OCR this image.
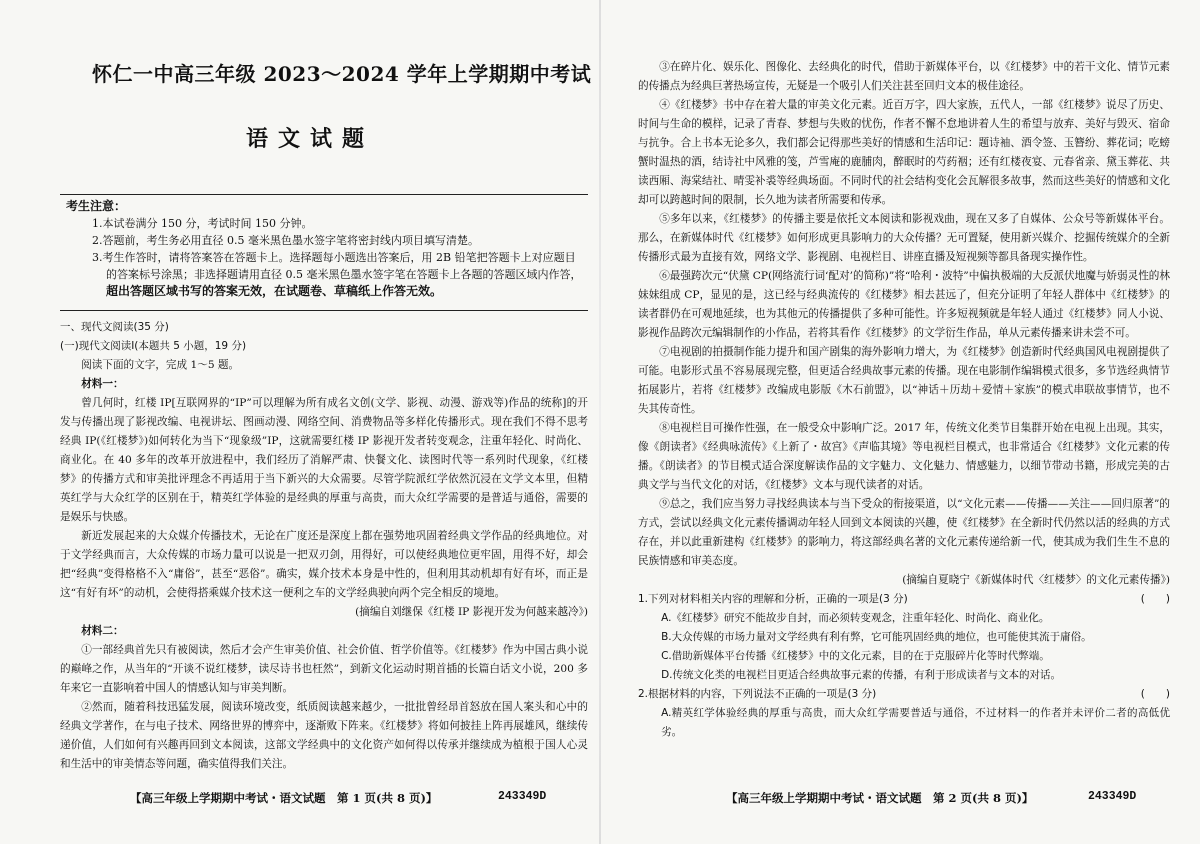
怀仁一中高三年级 2023～2024 学年上学期期中考试
语文试题
考生注意：
1.本试卷满分 150 分，考试时间 150 分钟。
2.答题前，考生务必用直径 0.5 毫米黑色墨水签字笔将密封线内项目填写清楚。
3.考生作答时，请将答案答在答题卡上。选择题每小题选出答案后，用 2B 铅笔把答题卡上对应题目的答案标号涂黑；非选择题请用直径 0.5 毫米黑色墨水签字笔在答题卡上各题的答题区域内作答，超出答题区域书写的答案无效，在试题卷、草稿纸上作答无效。

一、现代文阅读(35 分)

(一)现代文阅读Ⅰ(本题共 5 小题，19 分)

阅读下面的文字，完成 1～5 题。

材料一：

曾几何时，红楼 IP[互联网界的“IP”可以理解为所有成名文创(文学、影视、动漫、游戏等)作品的统称]的开发与传播出现了影视改编、电视讲坛、图画动漫、网络空间、消费物品等多样化传播形式。现在我们不得不思考经典 IP(《红楼梦》)如何转化为当下“现象级”IP，这就需要红楼 IP 影视开发者转变观念，注重年轻化、时尚化、商业化。在 40 多年的改革开放进程中，我们经历了消解严肃、快餐文化、读图时代等一系列时代现象，《红楼梦》的传播方式和审美批评理念不再适用于当下新兴的大众需要。尽管学院派红学依然沉浸在文学文本里，但精英红学与大众红学的区别在于，精英红学体验的是经典的厚重与高贵，而大众红学需要的是普适与通俗，需要的是娱乐与快感。

新近发展起来的大众媒介传播技术，无论在广度还是深度上都在强势地巩固着经典文学作品的经典地位。对于文学经典而言，大众传媒的市场力量可以说是一把双刃剑，用得好，可以使经典地位更牢固，用得不好，却会把“经典”变得格格不入“庸俗”，甚至“恶俗”。确实，媒介技术本身是中性的，但利用其动机却有好有坏，而正是这“有好有坏”的动机，会使得搭乘媒介技术这一便利之车的文学经典驶向两个完全相反的境地。

(摘编自刘继保《红楼 IP 影视开发为何越来越冷》)

材料二：

①一部经典首先只有被阅读，然后才会产生审美价值、社会价值、哲学价值等。《红楼梦》作为中国古典小说的巅峰之作，从当年的“开谈不说红楼梦，读尽诗书也枉然”，到新文化运动时期首插的长篇白话文小说，200 多年来它一直影响着中国人的情感认知与审美判断。

②然而，随着科技迅猛发展，阅读环境改变，纸质阅读越来越少，一批批曾经昂首怒放在国人案头和心中的经典文学著作，在与电子技术、网络世界的博弈中，逐渐败下阵来。《红楼梦》将如何披挂上阵再展雄风，继续传递价值，人们如何有兴趣再回到文本阅读，这部文学经典中的文化资产如何得以传承并继续成为植根于国人心灵和生活中的审美情态等问题，确实值得我们关注。

【高三年级上学期期中考试・语文试题　第 1 页(共 8 页)】	243349D

③在碎片化、娱乐化、图像化、去经典化的时代，借助于新媒体平台，以《红楼梦》中的若干文化、情节元素的传播点为经典巨著热场宣传，无疑是一个吸引人们关注甚至回归文本的极佳途径。

④《红楼梦》书中存在着大量的审美文化元素。近百万字，四大家族，五代人，一部《红楼梦》说尽了历史、时间与生命的模样，记录了青春、梦想与失败的忧伤，作者不懈不怠地讲着人生的希望与放弃、美好与毁灭、宿命与抗争。合上书本无论多久，我们都会记得那些美好的情感和生活印记：题诗袖、酒令签、玉簪纷、葬花词；吃螃蟹时温热的酒，结诗社中风雅的笺，芦雪庵的鹿脯肉，醉眠时的芍药裀；还有红楼夜宴、元春省亲、黛玉葬花、共读西厢、海棠结社、晴雯补裘等经典场面。不同时代的社会结构变化会瓦解很多故事，然而这些美好的情感和文化却可以跨越时间的限制，长久地为读者所需要和传承。

⑤多年以来，《红楼梦》的传播主要是依托文本阅读和影视戏曲，现在又多了自媒体、公众号等新媒体平台。那么，在新媒体时代《红楼梦》如何形成更具影响力的大众传播？无可置疑，使用新兴媒介、挖掘传统媒介的全新传播形式最为直接有效，网络文学、影视剧、电视栏目、讲座直播及短视频等都具备现实操作性。

⑥最强跨次元“伏黛 CP(网络流行词‘配对’的简称)”将“哈利・波特”中偏执极端的大反派伏地魔与娇弱灵性的林妹妹组成 CP，显见的是，这已经与经典流传的《红楼梦》相去甚远了，但充分证明了年轻人群体中《红楼梦》的读者群仍在可观地延续，也为其他元的传播提供了多种可能性。许多短视频就是年轻人通过《红楼梦》同人小说、影视作品跨次元编辑制作的小作品，若将其看作《红楼梦》的文学衍生作品，单从元素传播来讲未尝不可。

⑦电视剧的拍摄制作能力提升和国产剧集的海外影响力增大，为《红楼梦》创造新时代经典国风电视剧提供了可能。电影形式虽不容易展现完整，但更适合经典故事元素的传播。现在电影制作编辑模式很多，多节选经典情节拓展影片，若将《红楼梦》改编成电影版《木石前盟》，以“神话＋历劫＋爱情＋家族”的模式串联故事情节，也不失其传奇性。

⑧电视栏目可操作性强，在一般受众中影响广泛。2017 年，传统文化类节目集群开始在电视上出现。其实，像《朗读者》《经典咏流传》《上新了・故宫》《声临其境》等电视栏目模式，也非常适合《红楼梦》文化元素的传播。《朗读者》的节目模式适合深度解读作品的文字魅力、文化魅力、情感魅力，以细节带动书籍，形成完美的古典文学与当代文化的对话，《红楼梦》文本与现代读者的对话。

⑨总之，我们应当努力寻找经典读本与当下受众的衔接渠道，以“文化元素——传播——关注——回归原著”的方式，尝试以经典文化元素传播调动年轻人回到文本阅读的兴趣，使《红楼梦》在全新时代仍然以活的经典的方式存在，并以此重新建构《红楼梦》的影响力，将这部经典名著的文化元素传递给新一代，使其成为我们生生不息的民族情感和审美态度。

(摘编自夏晓宁《新媒体时代〈红楼梦〉的文化元素传播》)

1.下列对材料相关内容的理解和分析，正确的一项是(3 分)	(　　)

A.《红楼梦》研究不能故步自封，而必须转变观念，注重年轻化、时尚化、商业化。

B.大众传媒的市场力量对文学经典有利有弊，它可能巩固经典的地位，也可能使其流于庸俗。

C.借助新媒体平台传播《红楼梦》中的文化元素，目的在于克服碎片化等时代弊端。

D.传统文化类的电视栏目更适合经典故事元素的传播，有利于形成读者与文本的对话。

2.根据材料的内容，下列说法不正确的一项是(3 分)	(　　)

A.精英红学体验经典的厚重与高贵，而大众红学需要普适与通俗，不过材料一的作者并未评价二者的高低优劣。

【高三年级上学期期中考试・语文试题　第 2 页(共 8 页)】	243349D
